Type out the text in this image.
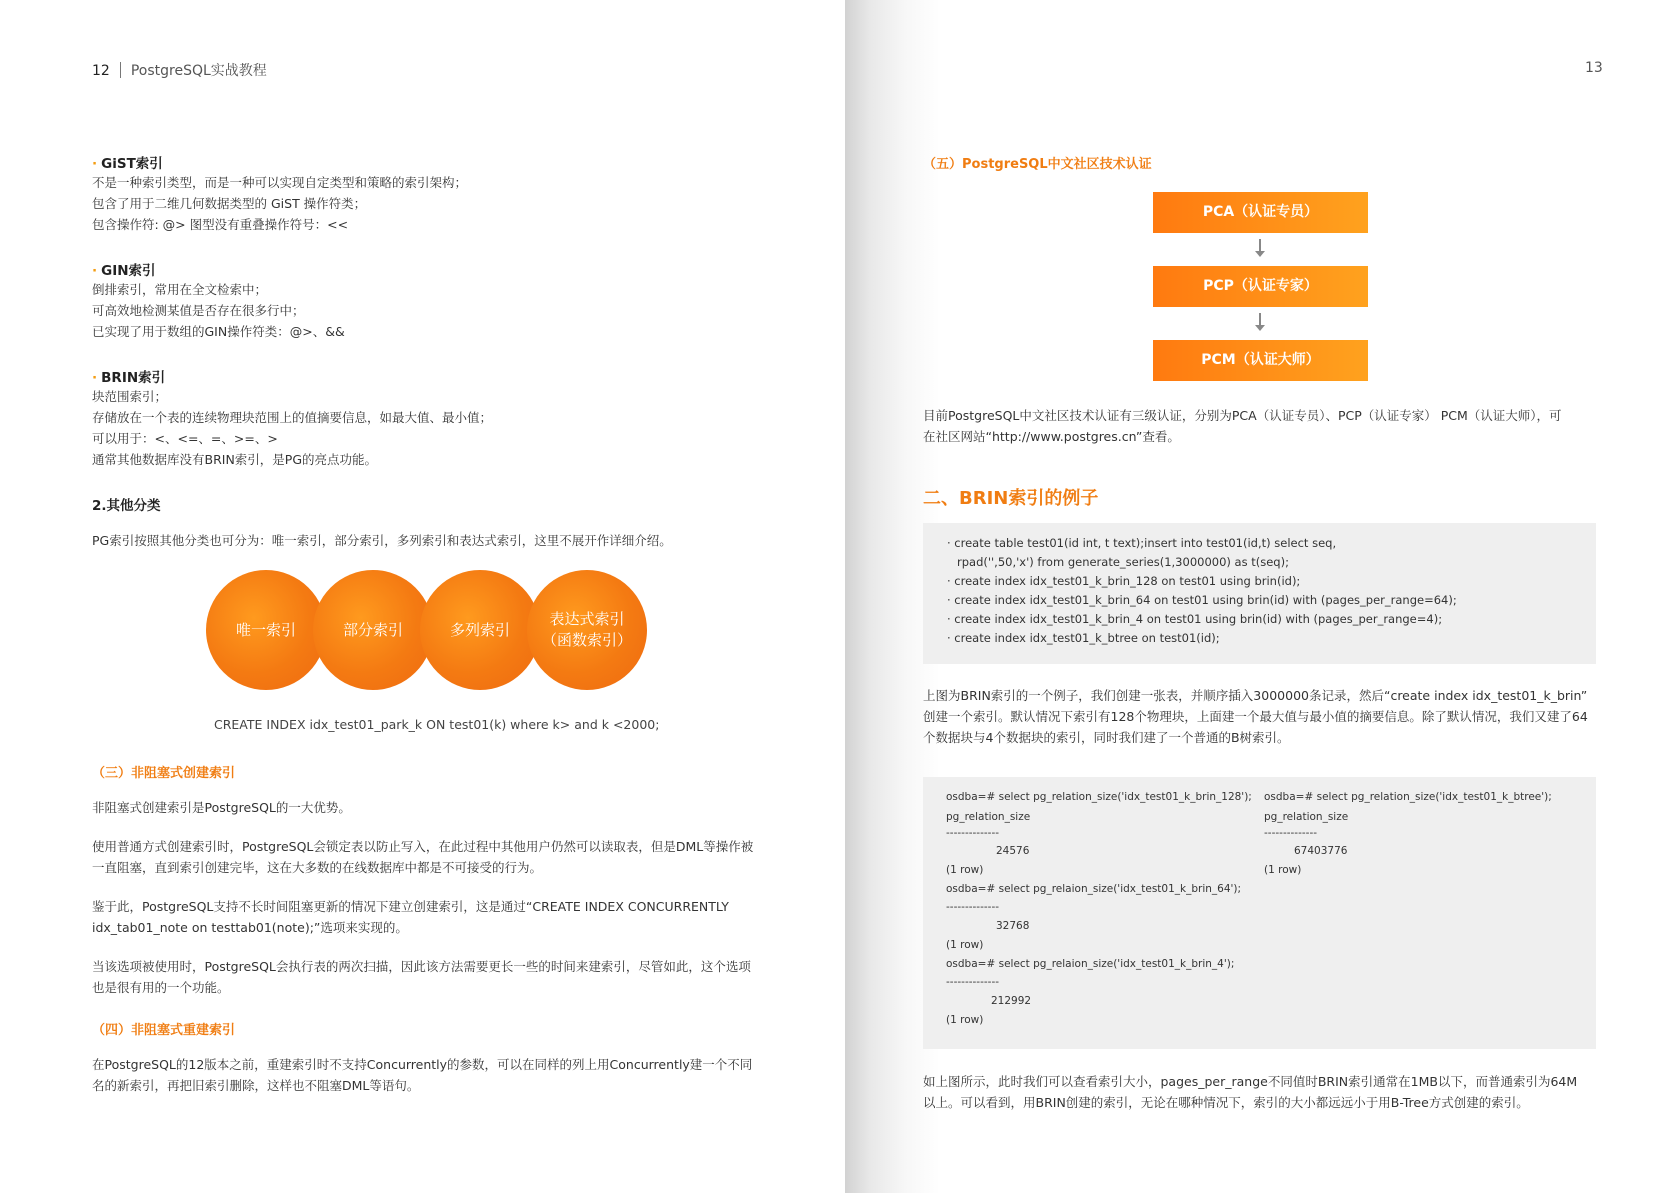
12 PostgreSQL实战教程
· GiST索引

不是一种索引类型，而是一种可以实现自定类型和策略的索引架构；

包含了用于二维几何数据类型的 GiST 操作符类；

包含操作符: @> 图型没有重叠操作符号：<<

· GIN索引

倒排索引，常用在全文检索中；

可高效地检测某值是否存在很多行中；

已实现了用于数组的GIN操作符类：@>、&&

· BRIN索引

块范围索引；

存储放在一个表的连续物理块范围上的值摘要信息，如最大值、最小值；

可以用于：<、<=、=、>=、>

通常其他数据库没有BRIN索引，是PG的亮点功能。

2.其他分类
PG索引按照其他分类也可分为：唯一索引，部分索引，多列索引和表达式索引，这里不展开作详细介绍。
唯一索引	部分索引	多列索引
表达式索引
（函数索引）
CREATE INDEX idx_test01_park_k ON test01(k) where k> and k <2000;
（三）非阻塞式创建索引
非阻塞式创建索引是PostgreSQL的一大优势。

使用普通方式创建索引时，PostgreSQL会锁定表以防止写入，在此过程中其他用户仍然可以读取表，但是DML等操作被

一直阻塞，直到索引创建完毕，这在大多数的在线数据库中都是不可接受的行为。

鉴于此，PostgreSQL支持不长时间阻塞更新的情况下建立创建索引，这是通过“CREATE INDEX CONCURRENTLY

idx_tab01_note on testtab01(note);”选项来实现的。

当该选项被使用时，PostgreSQL会执行表的两次扫描，因此该方法需要更长一些的时间来建索引，尽管如此，这个选项

也是很有用的一个功能。

（四）非阻塞式重建索引

在PostgreSQL的12版本之前，重建索引时不支持Concurrently的参数，可以在同样的列上用Concurrently建一个不同

名的新索引，再把旧索引删除，这样也不阻塞DML等语句。

13
（五）PostgreSQL中文社区技术认证
PCA（认证专员）
PCP（认证专家）
PCM（认证大师）

目前PostgreSQL中文社区技术认证有三级认证，分别为PCA（认证专员）、PCP（认证专家） PCM（认证大师），可

在社区网站“http://www.postgres.cn”查看。

二、BRIN索引的例子
· create table test01(id int, t text);insert into test01(id,t) select seq,
rpad('',50,'x') from generate_series(1,3000000) as t(seq);
· create index idx_test01_k_brin_128 on test01 using brin(id);
· create index idx_test01_k_brin_64 on test01 using brin(id) with (pages_per_range=64);
· create index idx_test01_k_brin_4 on test01 using brin(id) with (pages_per_range=4);
· create index idx_test01_k_btree on test01(id);

上图为BRIN索引的一个例子，我们创建一张表，并顺序插入3000000条记录，然后“create index idx_test01_k_brin”

创建一个索引。默认情况下索引有128个物理块，上面建一个最大值与最小值的摘要信息。除了默认情况，我们又建了64

个数据块与4个数据块的索引，同时我们建了一个普通的B树索引。

osdba=# select pg_relation_size('idx_test01_k_brin_128');
pg_relation_size
--------------
24576
(1 row)
osdba=# select pg_relaion_size('idx_test01_k_brin_64');
--------------
32768
(1 row)
osdba=# select pg_relaion_size('idx_test01_k_brin_4');
--------------
212992
(1 row)
osdba=# select pg_relation_size('idx_test01_k_btree');
pg_relation_size
--------------
67403776
(1 row)

如上图所示，此时我们可以查看索引大小，pages_per_range不同值时BRIN索引通常在1MB以下，而普通索引为64M

以上。可以看到，用BRIN创建的索引，无论在哪种情况下，索引的大小都远远小于用B-Tree方式创建的索引。
